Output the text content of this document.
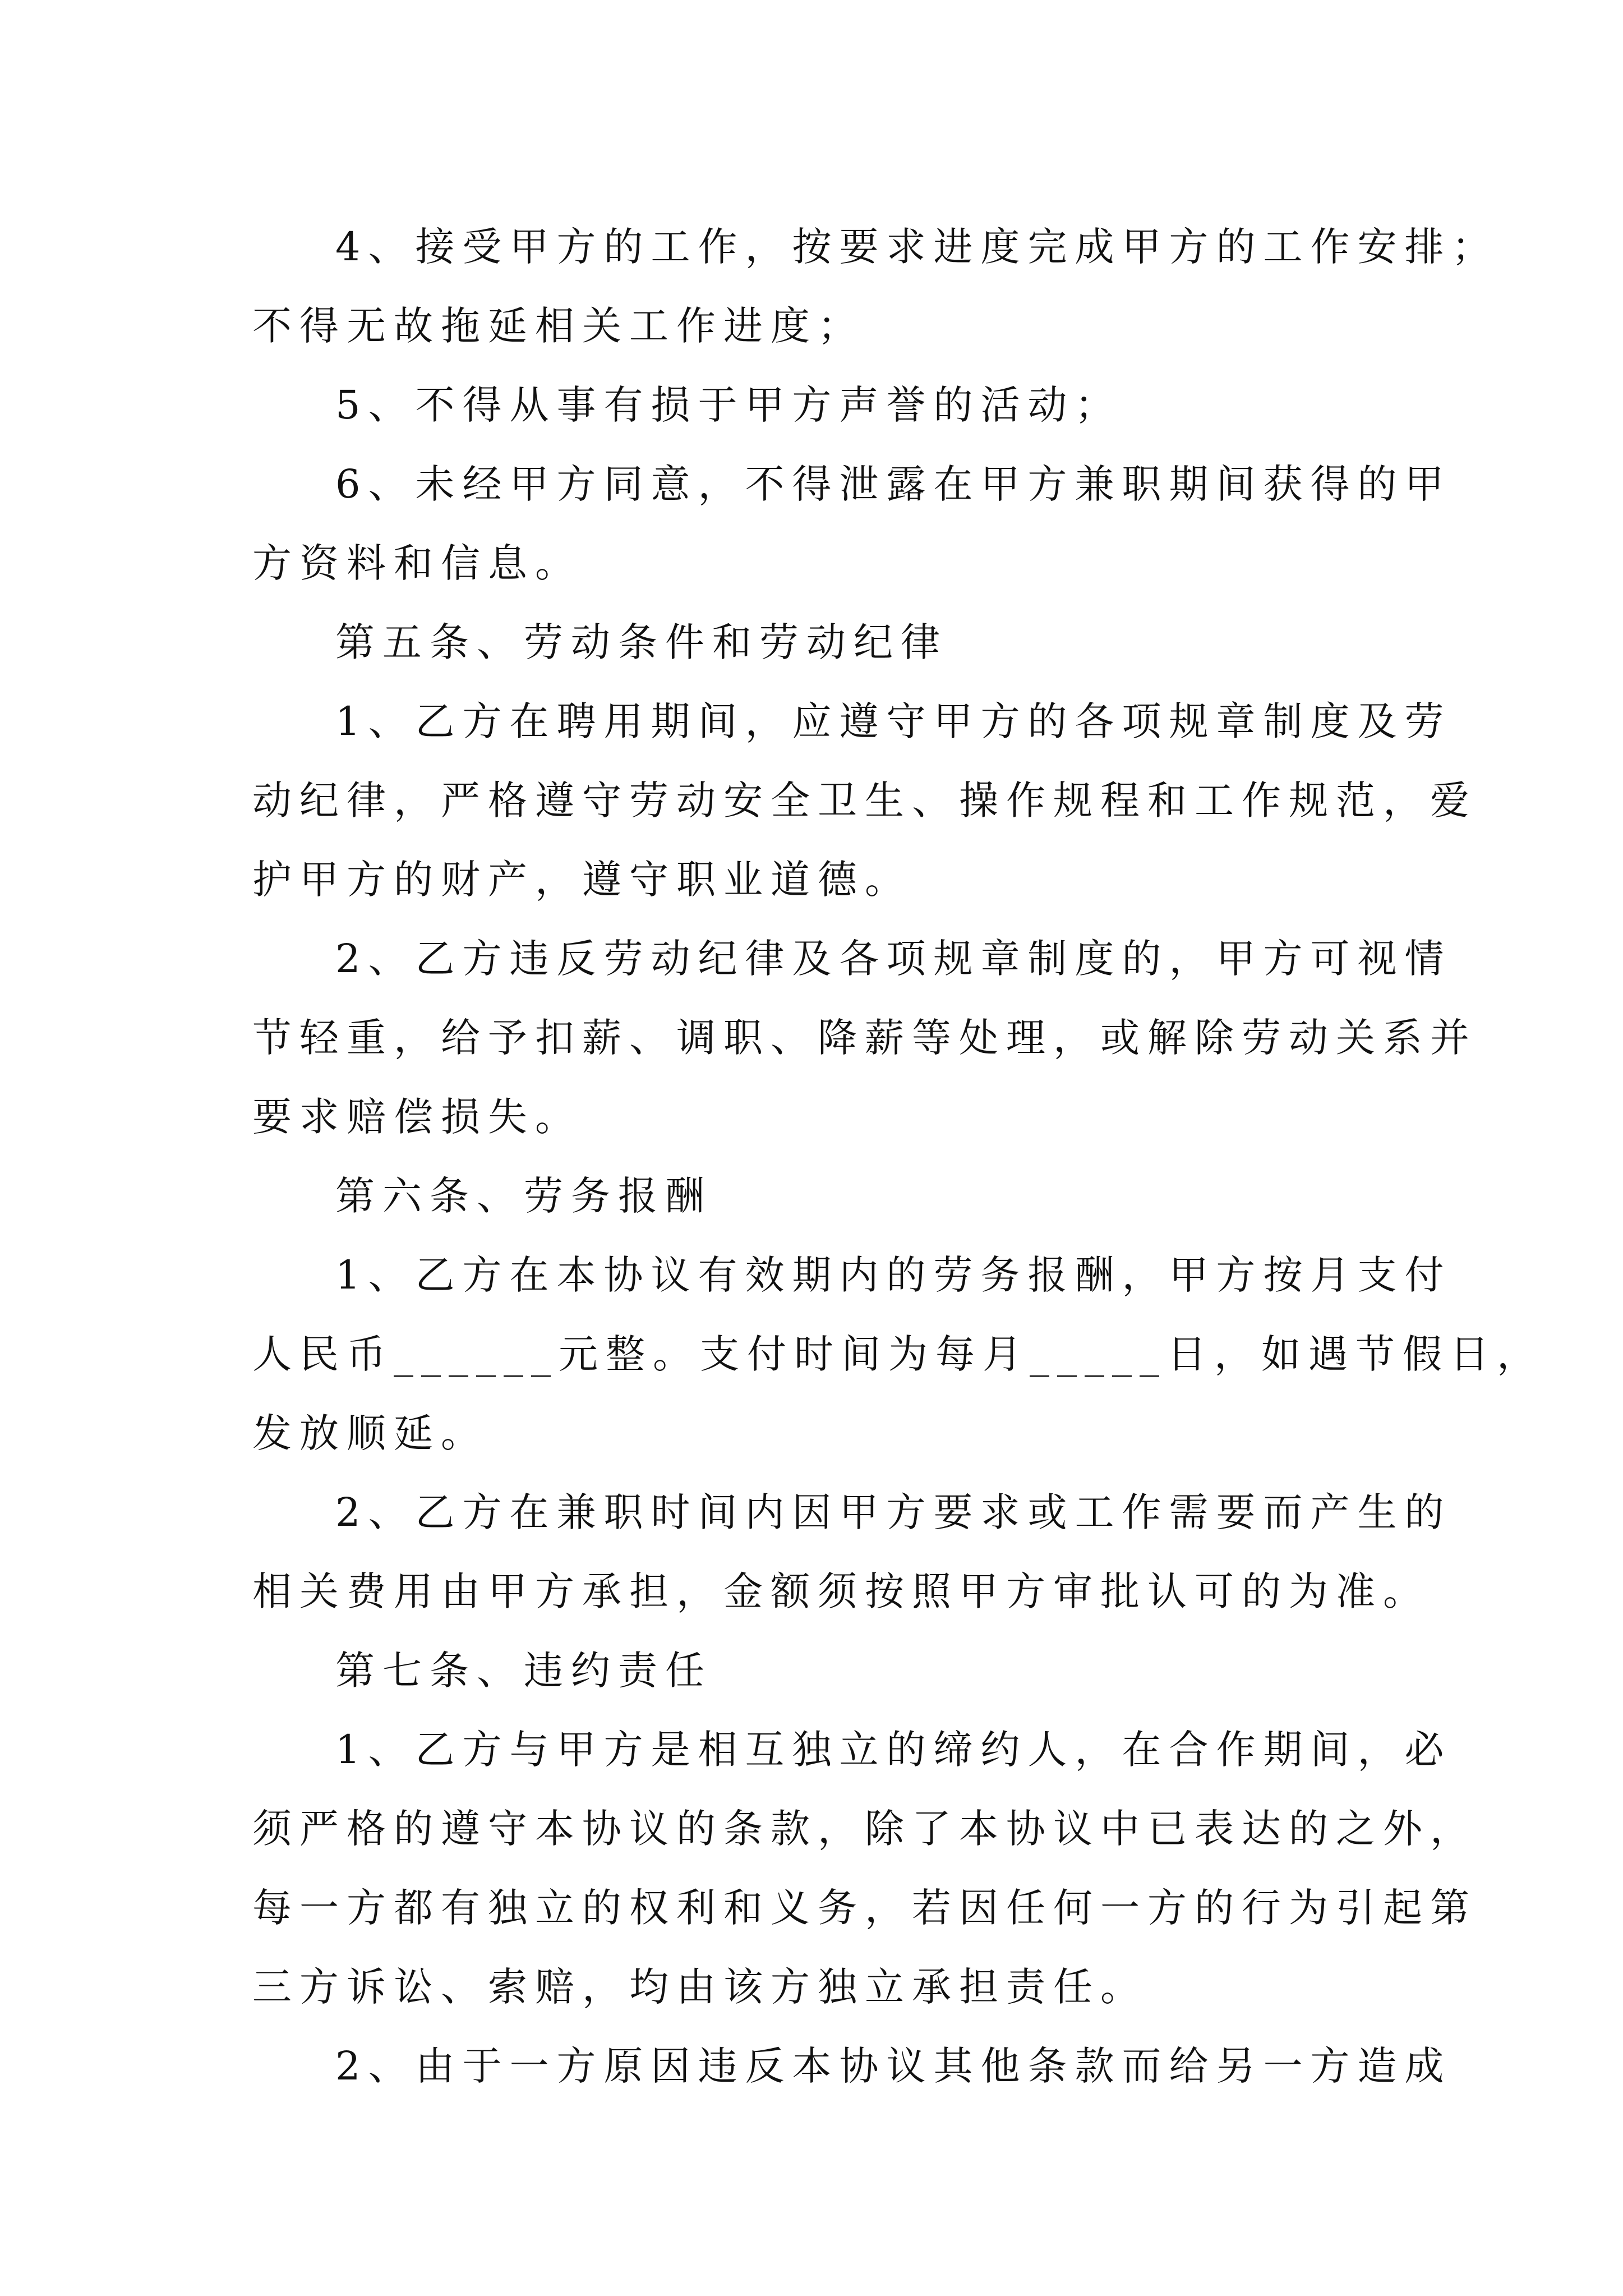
4、接受甲方的工作，按要求进度完成甲方的工作安排；
不得无故拖延相关工作进度；
5、不得从事有损于甲方声誉的活动；
6、未经甲方同意，不得泄露在甲方兼职期间获得的甲
方资料和信息。
第五条、劳动条件和劳动纪律
1、乙方在聘用期间，应遵守甲方的各项规章制度及劳
动纪律，严格遵守劳动安全卫生、操作规程和工作规范，爱
护甲方的财产，遵守职业道德。
2、乙方违反劳动纪律及各项规章制度的，甲方可视情
节轻重，给予扣薪、调职、降薪等处理，或解除劳动关系并
要求赔偿损失。
第六条、劳务报酬
1、乙方在本协议有效期内的劳务报酬，甲方按月支付
人民币______元整。支付时间为每月_____日，如遇节假日，
发放顺延。
2、乙方在兼职时间内因甲方要求或工作需要而产生的
相关费用由甲方承担，金额须按照甲方审批认可的为准。
第七条、违约责任
1、乙方与甲方是相互独立的缔约人，在合作期间，必
须严格的遵守本协议的条款，除了本协议中已表达的之外，
每一方都有独立的权利和义务，若因任何一方的行为引起第
三方诉讼、索赔，均由该方独立承担责任。
2、由于一方原因违反本协议其他条款而给另一方造成
